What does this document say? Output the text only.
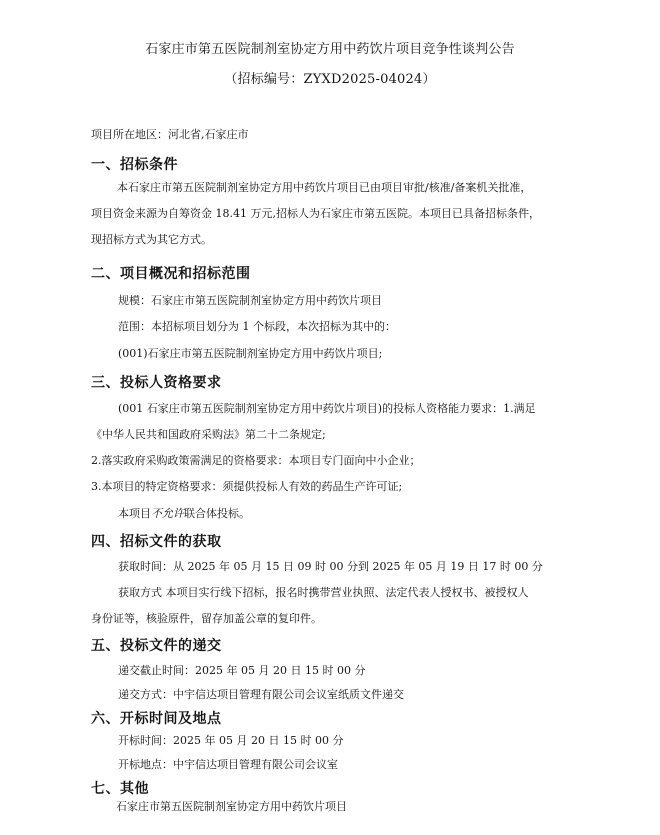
石家庄市第五医院制剂室协定方用中药饮片项目竞争性谈判公告
（招标编号：ZYXD2025-04024）
项目所在地区：河北省,石家庄市
一、招标条件
本石家庄市第五医院制剂室协定方用中药饮片项目已由项目审批/核准/备案机关批准，
项目资金来源为自筹资金 18.41 万元,招标人为石家庄市第五医院。本项目已具备招标条件，
现招标方式为其它方式。
二、项目概况和招标范围
规模：石家庄市第五医院制剂室协定方用中药饮片项目
范围：本招标项目划分为 1 个标段，本次招标为其中的：
(001)石家庄市第五医院制剂室协定方用中药饮片项目;
三、投标人资格要求
(001 石家庄市第五医院制剂室协定方用中药饮片项目)的投标人资格能力要求：1.满足
《中华人民共和国政府采购法》第二十二条规定;
2.落实政府采购政策需满足的资格要求：本项目专门面向中小企业；
3.本项目的特定资格要求：须提供投标人有效的药品生产许可证;
本项目不允许联合体投标。
四、招标文件的获取
获取时间：从 2025 年 05 月 15 日 09 时 00 分到 2025 年 05 月 19 日 17 时 00 分
获取方式 本项目实行线下招标，报名时携带营业执照、法定代表人授权书、被授权人
身份证等，核验原件，留存加盖公章的复印件。
五、投标文件的递交
递交截止时间：2025 年 05 月 20 日 15 时 00 分
递交方式：中宇信达项目管理有限公司会议室纸质文件递交
六、开标时间及地点
开标时间：2025 年 05 月 20 日 15 时 00 分
开标地点：中宇信达项目管理有限公司会议室
七、其他
石家庄市第五医院制剂室协定方用中药饮片项目
